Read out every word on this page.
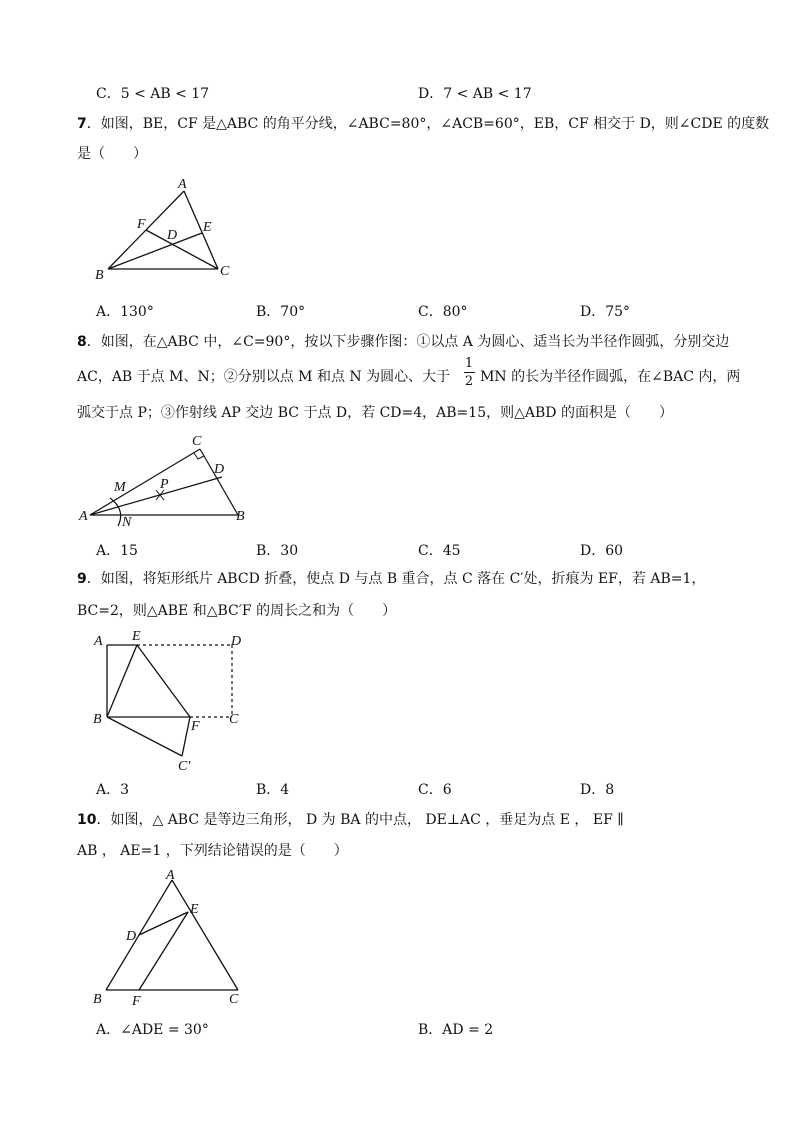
C．5 < AB < 17	D．7 < AB < 17
7．如图，BE，CF 是△ABC 的角平分线，∠ABC=80°，∠ACB=60°，EB，CF 相交于 D，则∠CDE 的度数
是（　　）
A
F
D
E
B	C
A．130°	B．70°	C．80°	D．75°
8．如图，在△ABC 中，∠C=90°，按以下步骤作图：①以点 A 为圆心、适当长为半径作圆弧，分别交边
AC，AB 于点 M、N；②分别以点 M 和点 N 为圆心、大于 MN 的长为半径作圆弧，在∠BAC 内，两
1
2
弧交于点 P；③作射线 AP 交边 BC 于点 D，若 CD=4，AB=15，则△ABD 的面积是（　　）
C
D
M P
A N	B
A．15	B．30	C．45	D．60
9．如图，将矩形纸片 ABCD 折叠，使点 D 与点 B 重合，点 C 落在 C′处，折痕为 EF，若 AB=1，
BC=2，则△ABE 和△BC′F 的周长之和为（　　）
A E	D
B	F C
C′
A．3	B．4	C．6	D．8
10．如图，△ ABC 是等边三角形， D 为 BA 的中点， DE⊥AC ，垂足为点 E ， EF ∥
AB ， AE=1 ，下列结论错误的是（　　）
A
E
D
B F	C
A．∠ADE = 30°	B．AD = 2
